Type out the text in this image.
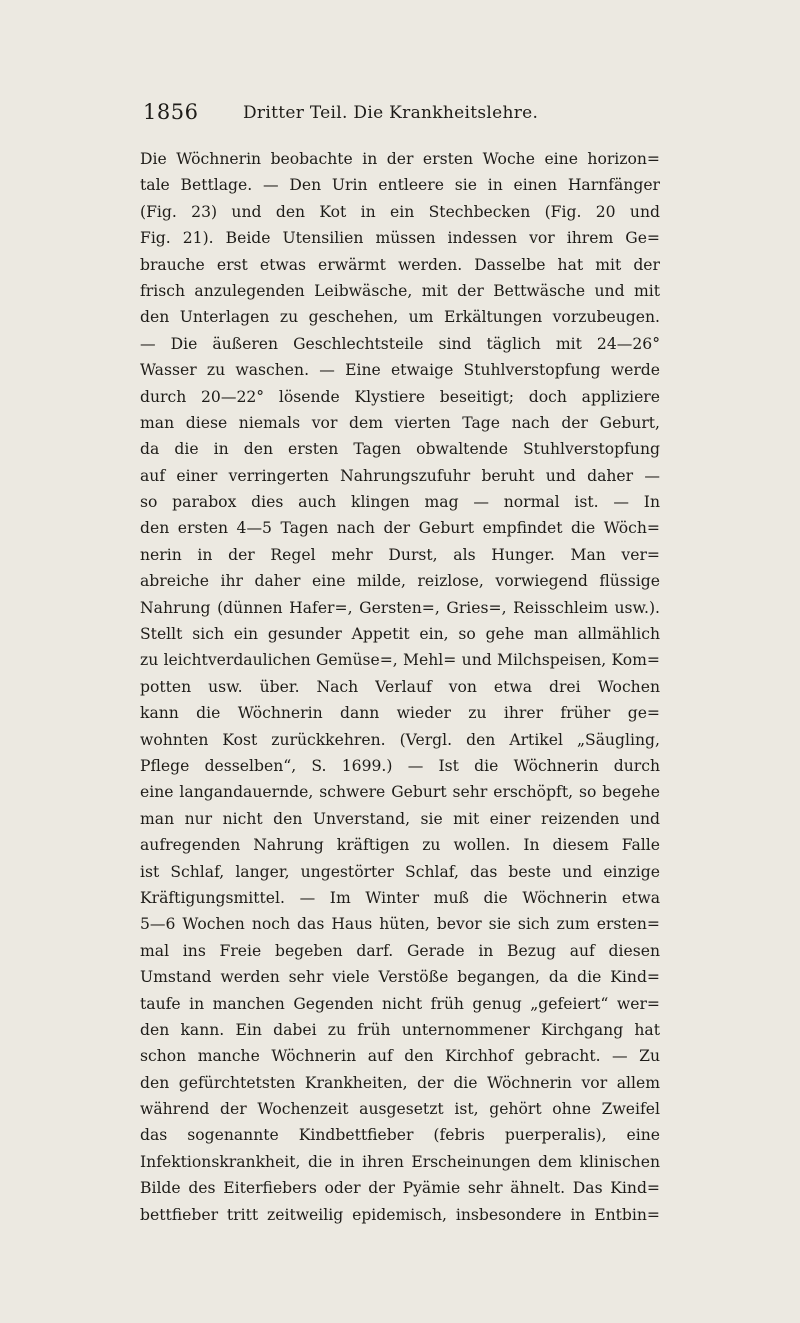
1856	Dritter Teil. Die Krankheitslehre.
Die Wöchnerin beobachte in der ersten Woche eine horizon=
tale Bettlage. — Den Urin entleere sie in einen Harnfänger
(Fig. 23) und den Kot in ein Stechbecken (Fig. 20 und
Fig. 21). Beide Utensilien müssen indessen vor ihrem Ge=
brauche erst etwas erwärmt werden. Dasselbe hat mit der
frisch anzulegenden Leibwäsche, mit der Bettwäsche und mit
den Unterlagen zu geschehen, um Erkältungen vorzubeugen.
— Die äußeren Geschlechtsteile sind täglich mit 24—26°
Wasser zu waschen. — Eine etwaige Stuhlverstopfung werde
durch 20—22° lösende Klystiere beseitigt; doch appliziere
man diese niemals vor dem vierten Tage nach der Geburt,
da die in den ersten Tagen obwaltende Stuhlverstopfung
auf einer verringerten Nahrungszufuhr beruht und daher —
so parabox dies auch klingen mag — normal ist. — In
den ersten 4—5 Tagen nach der Geburt empfindet die Wöch=
nerin in der Regel mehr Durst, als Hunger. Man ver=
abreiche ihr daher eine milde, reizlose, vorwiegend flüssige
Nahrung (dünnen Hafer=, Gersten=, Gries=, Reisschleim usw.).
Stellt sich ein gesunder Appetit ein, so gehe man allmählich
zu leichtverdaulichen Gemüse=, Mehl= und Milchspeisen, Kom=
potten usw. über. Nach Verlauf von etwa drei Wochen
kann die Wöchnerin dann wieder zu ihrer früher ge=
wohnten Kost zurückkehren. (Vergl. den Artikel „Säugling,
Pflege desselben“, S. 1699.) — Ist die Wöchnerin durch
eine langandauernde, schwere Geburt sehr erschöpft, so begehe
man nur nicht den Unverstand, sie mit einer reizenden und
aufregenden Nahrung kräftigen zu wollen. In diesem Falle
ist Schlaf, langer, ungestörter Schlaf, das beste und einzige
Kräftigungsmittel. — Im Winter muß die Wöchnerin etwa
5—6 Wochen noch das Haus hüten, bevor sie sich zum ersten=
mal ins Freie begeben darf. Gerade in Bezug auf diesen
Umstand werden sehr viele Verstöße begangen, da die Kind=
taufe in manchen Gegenden nicht früh genug „gefeiert“ wer=
den kann. Ein dabei zu früh unternommener Kirchgang hat
schon manche Wöchnerin auf den Kirchhof gebracht. — Zu
den gefürchtetsten Krankheiten, der die Wöchnerin vor allem
während der Wochenzeit ausgesetzt ist, gehört ohne Zweifel
das sogenannte Kindbettfieber (febris puerperalis), eine
Infektionskrankheit, die in ihren Erscheinungen dem klinischen
Bilde des Eiterfiebers oder der Pyämie sehr ähnelt. Das Kind=
bettfieber tritt zeitweilig epidemisch, insbesondere in Entbin=
